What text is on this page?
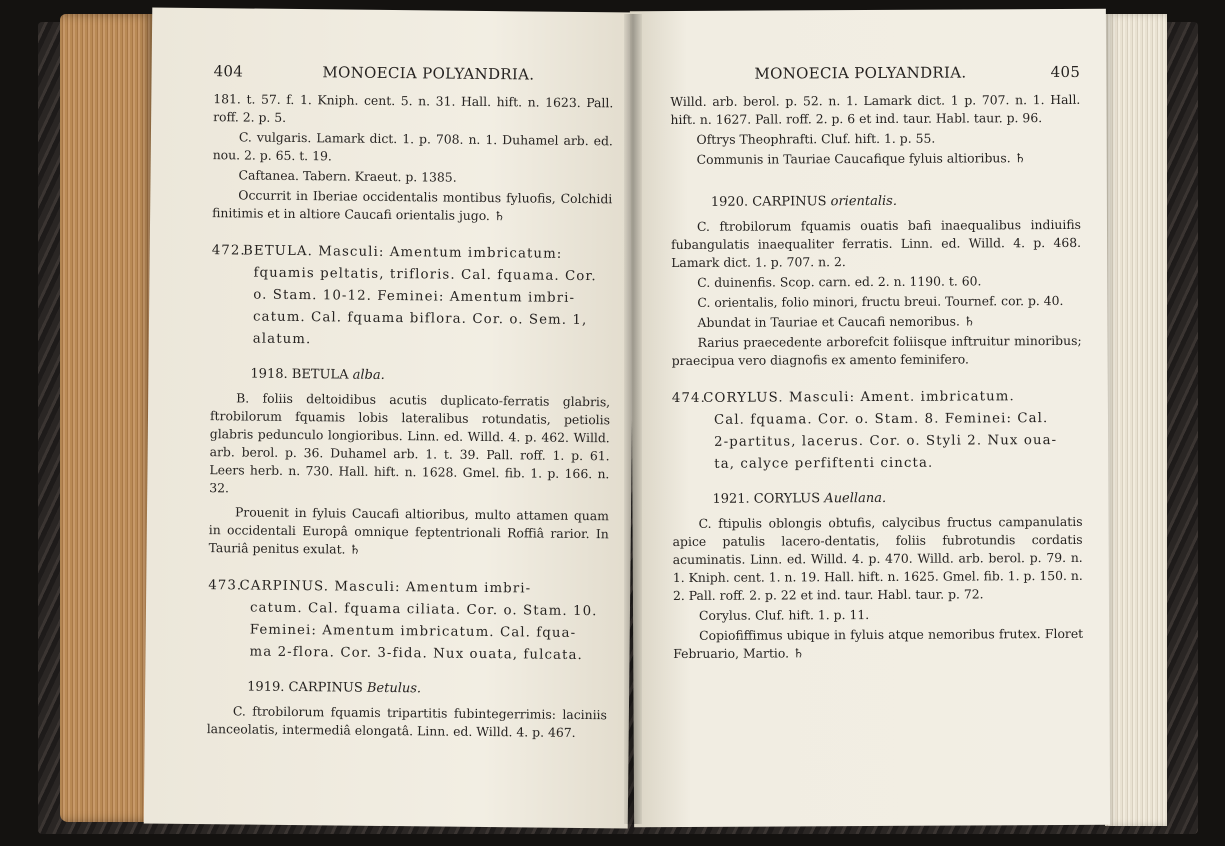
404	MONOECIA POLYANDRIA.

181. t. 57. f. 1. Kniph. cent. 5. n. 31. Hall. hift. n. 1623. Pall. roff. 2. p. 5.

C. vulgaris. Lamark dict. 1. p. 708. n. 1. Duhamel arb. ed. nou. 2. p. 65. t. 19.

Caftanea. Tabern. Kraeut. p. 1385.

Occurrit in Iberiae occidentalis montibus fyluofis, Colchidi finitimis et in altiore Caucafi orientalis jugo. ♄

472. BETULA. Masculi: Amentum imbricatum:
fquamis peltatis, trifloris. Cal. fquama. Cor.
o. Stam. 10-12. Feminei: Amentum imbri-
catum. Cal. fquama biflora. Cor. o. Sem. 1,
alatum.
1918. BETULA alba.

B. foliis deltoidibus acutis duplicato-ferratis glabris, ftrobilorum fquamis lobis lateralibus rotundatis, petiolis glabris pedunculo longioribus. Linn. ed. Willd. 4. p. 462. Willd. arb. berol. p. 36. Duhamel arb. 1. t. 39. Pall. roff. 1. p. 61. Leers herb. n. 730. Hall. hift. n. 1628. Gmel. fib. 1. p. 166. n. 32.

Prouenit in fyluis Caucafi altioribus, multo attamen quam in occidentali Europâ omnique feptentrionali Roffiâ rarior. In Tauriâ penitus exulat. ♄

473. CARPINUS. Masculi: Amentum imbri-
catum. Cal. fquama ciliata. Cor. o. Stam. 10.
Feminei: Amentum imbricatum. Cal. fqua-
ma 2-flora. Cor. 3-fida. Nux ouata, fulcata.
1919. CARPINUS Betulus.

C. ftrobilorum fquamis tripartitis fubintegerrimis: laciniis lanceolatis, intermediâ elongatâ. Linn. ed. Willd. 4. p. 467.

MONOECIA POLYANDRIA.	405

Willd. arb. berol. p. 52. n. 1. Lamark dict. 1 p. 707. n. 1. Hall. hift. n. 1627. Pall. roff. 2. p. 6 et ind. taur. Habl. taur. p. 96.

Oftrys Theophrafti. Cluf. hift. 1. p. 55.

Communis in Tauriae Caucafique fyluis altioribus. ♄

1920. CARPINUS orientalis.

C. ftrobilorum fquamis ouatis bafi inaequalibus indiuifis fubangulatis inaequaliter ferratis. Linn. ed. Willd. 4. p. 468. Lamark dict. 1. p. 707. n. 2.

C. duinenfis. Scop. carn. ed. 2. n. 1190. t. 60.

C. orientalis, folio minori, fructu breui. Tournef. cor. p. 40.

Abundat in Tauriae et Caucafi nemoribus. ♄

Rarius praecedente arborefcit foliisque inftruitur minoribus; praecipua vero diagnofis ex amento feminifero.

474. CORYLUS. Masculi: Ament. imbricatum.
Cal. fquama. Cor. o. Stam. 8. Feminei: Cal.
2-partitus, lacerus. Cor. o. Styli 2. Nux oua-
ta, calyce perfiftenti cincta.
1921. CORYLUS Auellana.

C. ftipulis oblongis obtufis, calycibus fructus campanulatis apice patulis lacero-dentatis, foliis fubrotundis cordatis acuminatis. Linn. ed. Willd. 4. p. 470. Willd. arb. berol. p. 79. n. 1. Kniph. cent. 1. n. 19. Hall. hift. n. 1625. Gmel. fib. 1. p. 150. n. 2. Pall. roff. 2. p. 22 et ind. taur. Habl. taur. p. 72.

Corylus. Cluf. hift. 1. p. 11.

Copiofiffimus ubique in fyluis atque nemoribus frutex. Floret Februario, Martio. ♄
